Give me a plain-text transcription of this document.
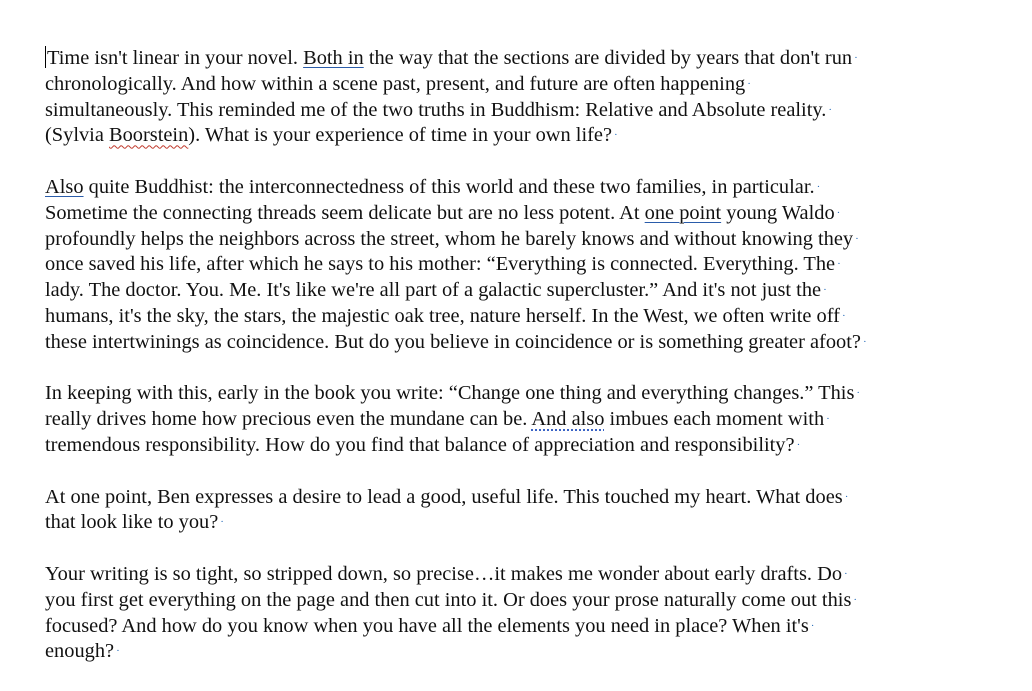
Time isn't linear in your novel. Both in the way that the sections are divided by years that don't run ·
chronologically. And how within a scene past, present, and future are often happening ·
simultaneously. This reminded me of the two truths in Buddhism: Relative and Absolute reality. ·
(Sylvia Boorstein). What is your experience of time in your own life? ·

Also quite Buddhist: the interconnectedness of this world and these two families, in particular. ·
Sometime the connecting threads seem delicate but are no less potent. At one point young Waldo ·
profoundly helps the neighbors across the street, whom he barely knows and without knowing they ·
once saved his life, after which he says to his mother: “Everything is connected. Everything. The ·
lady. The doctor. You. Me. It's like we're all part of a galactic supercluster.” And it's not just the ·
humans, it's the sky, the stars, the majestic oak tree, nature herself. In the West, we often write off ·
these intertwinings as coincidence. But do you believe in coincidence or is something greater afoot? ·

In keeping with this, early in the book you write: “Change one thing and everything changes.” This ·
really drives home how precious even the mundane can be. And also imbues each moment with ·
tremendous responsibility. How do you find that balance of appreciation and responsibility? ·

At one point, Ben expresses a desire to lead a good, useful life. This touched my heart. What does ·
that look like to you? ·

Your writing is so tight, so stripped down, so precise…it makes me wonder about early drafts. Do ·
you first get everything on the page and then cut into it. Or does your prose naturally come out this ·
focused? And how do you know when you have all the elements you need in place? When it's ·
enough? ·
